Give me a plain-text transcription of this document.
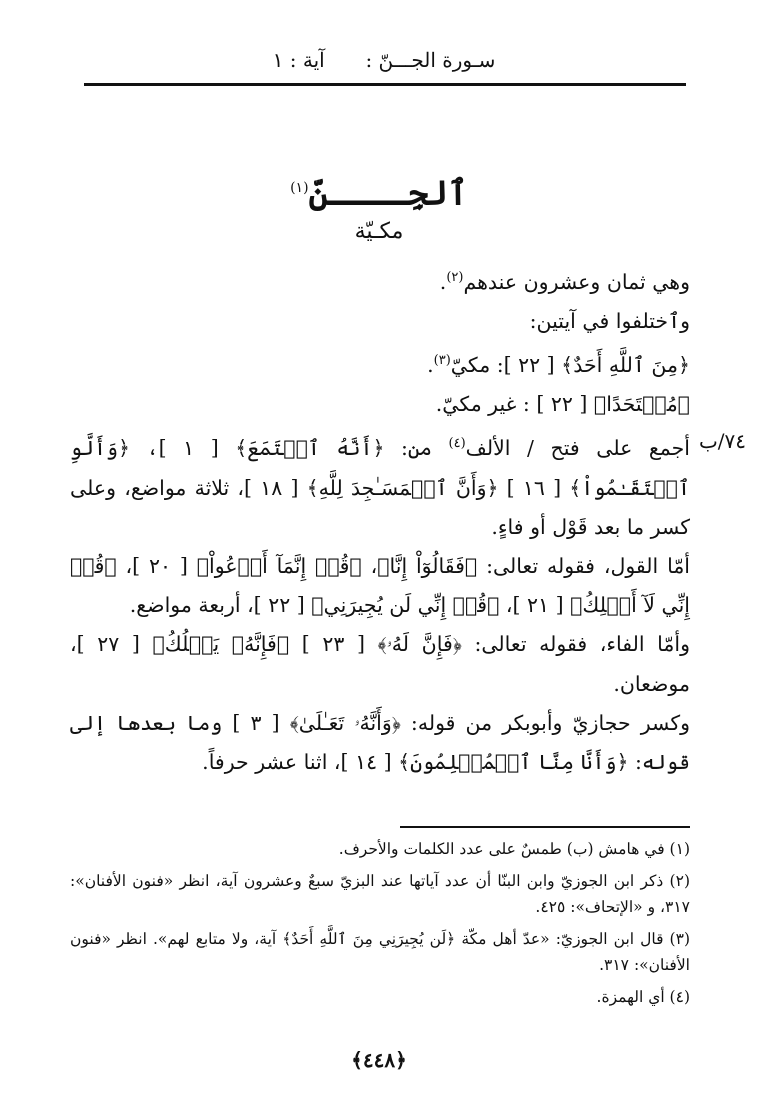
سـورة الجـــنّ :  آية : ١
ٱلجِــــنّ$^{(١)}$
مكـيّة
٧٤/ب

وهي ثمان وعشرون عندهم$^{(٢)}$.

وٱختلفوا في آيتين:

﴿مِنَ ٱللَّهِ أَحَدٌ﴾ [ ٢٢ ]: مكيّ$^{(٣)}$.

﴿مُلۡتَحَدًا﴾ [ ٢٢ ] : غير مكيّ.

أجمع على فتح / الألف$^{(٤)}$ من: ﴿أَنَّهُ ٱسۡتَمَعَ﴾ [ ١ ]، ﴿وَأَلَّوِ ٱسۡتَقَـٰمُواْ﴾ [ ١٦ ] ﴿وَأَنَّ ٱلۡمَسَـٰجِدَ لِلَّهِ﴾ [ ١٨ ]، ثلاثة مواضع، وعلى كسر ما بعد قَوْل أو فاءٍ.

أمّا القول، فقوله تعالى: ﴿فَقَالُوٓاْ إِنَّا﴾، ﴿قُلۡ إِنَّمَآ أَدۡعُواْ﴾ [ ٢٠ ]، ﴿قُلۡ إِنِّي لَآ أَمۡلِكُ﴾ [ ٢١ ]، ﴿قُلۡ إِنِّي لَن يُجِيرَنِي﴾ [ ٢٢ ]، أربعة مواضع.

وأمّا الفاء، فقوله تعالى: ﴿فَإِنَّ لَهُۥ﴾ [ ٢٣ ] ﴿فَإِنَّهُۥ يَسۡلُكُ﴾ [ ٢٧ ]، موضعان.

وكسر حجازيّ وأبوبكر من قوله: ﴿وَأَنَّهُۥ تَعَـٰلَىٰ﴾ [ ٣ ] وما بعدها إلى قوله: ﴿وَأَنَّا مِنَّا ٱلۡمُسۡلِمُونَ﴾ [ ١٤ ]، اثنا عشر حرفاً.

(١) في هامش (ب) طمسٌ على عدد الكلمات والأحرف.

(٢) ذكر ابن الجوزيّ وابن البنّا أن عدد آياتها عند البزيّ سبعٌ وعشرون آية، انظر «فنون الأفنان»: ٣١٧، و «الإتحاف»: ٤٢٥.

(٣) قال ابن الجوزيّ: «عدّ أهل مكّة ﴿لَن يُجِيرَنِي مِنَ ٱللَّهِ أَحَدٌ﴾ آية، ولا متابع لهم». انظر «فنون الأفنان»: ٣١٧.

(٤) أي الهمزة.

﴿٤٤٨﴾
